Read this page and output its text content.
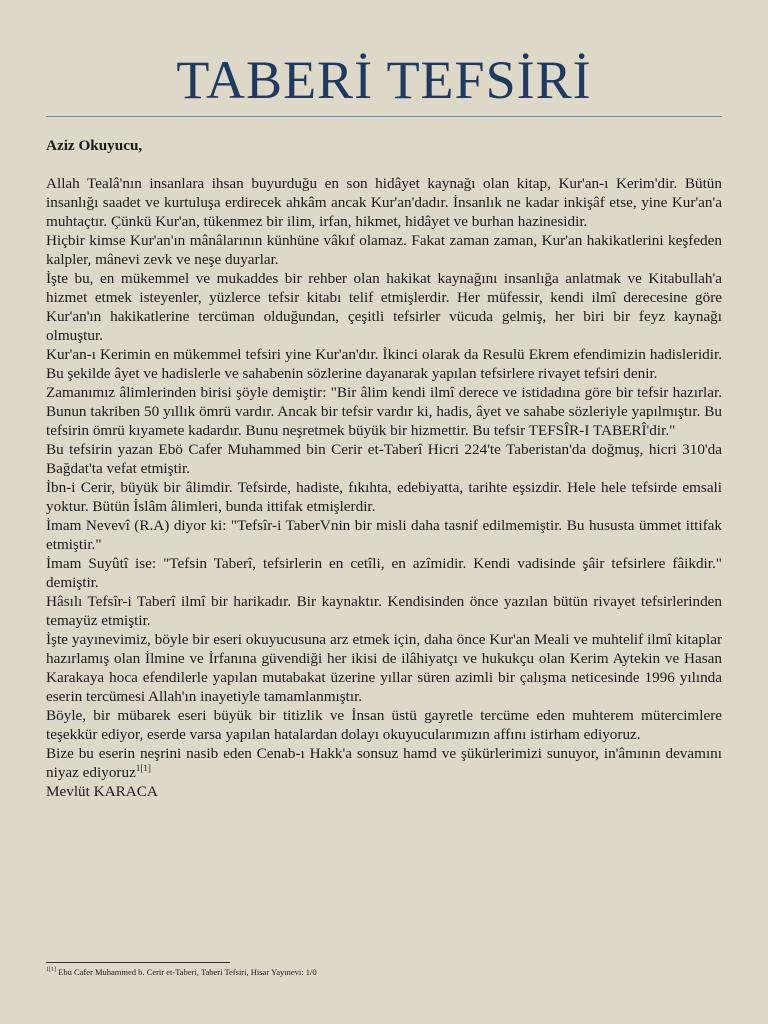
TABERİ TEFSİRİ

Aziz Okuyucu,

Allah Tealâ'nın insanlara ihsan buyurduğu en son hidâyet kaynağı olan kitap, Kur'an-ı Kerim'dir. Bütün insanlığı saadet ve kurtuluşa erdirecek ahkâm ancak Kur'an'dadır. İnsanlık ne kadar inkişâf etse, yine Kur'an'a muhtaçtır. Çünkü Kur'an, tükenmez bir ilim, irfan, hikmet, hidâyet ve burhan hazinesidir.

Hiçbir kimse Kur'an'ın mânâlarının künhüne vâkıf olamaz. Fakat zaman zaman, Kur'an hakikatlerini keşfeden kalpler, mânevi zevk ve neşe duyarlar.

İşte bu, en mükemmel ve mukaddes bir rehber olan hakikat kaynağını insanlığa anlatmak ve Kitabullah'a hizmet etmek isteyenler, yüzlerce tefsir kitabı telif etmişlerdir. Her müfessir, kendi ilmî derecesine göre Kur'an'ın hakikatlerine tercüman olduğundan, çeşitli tefsirler vücuda gelmiş, her biri bir feyz kaynağı olmuştur.

Kur'an-ı Kerimin en mükemmel tefsiri yine Kur'an'dır. İkinci olarak da Resulü Ekrem efendimizin hadisleridir. Bu şekilde âyet ve hadislerle ve sahabenin sözlerine dayanarak yapılan tefsirlere rivayet tefsiri denir.

Zamanımız âlimlerinden birisi şöyle demiştir: "Bir âlim kendi ilmî derece ve istidadına göre bir tefsir hazırlar. Bunun takriben 50 yıllık ömrü vardır. Ancak bir tefsir vardır ki, hadis, âyet ve sahabe sözleriyle yapılmıştır. Bu tefsirin ömrü kıyamete kadardır. Bunu neşretmek büyük bir hizmettir. Bu tefsir TEFSÎR-I TABERÎ'dir."

Bu tefsirin yazan Ebö Cafer Muhammed bin Cerir et-Taberî Hicri 224'te Taberistan'da doğmuş, hicri 310'da Bağdat'ta vefat etmiştir.

İbn-i Cerir, büyük bir âlimdir. Tefsirde, hadiste, fıkıhta, edebiyatta, tarihte eşsizdir. Hele hele tefsirde emsali yoktur. Bütün İslâm âlimleri, bunda ittifak etmişlerdir.

İmam Nevevî (R.A) diyor ki: "Tefsîr-i TaberVnin bir misli daha tasnif edilmemiştir. Bu hususta ümmet ittifak etmiştir."

İmam Suyûtî ise: "Tefsin Taberî, tefsirlerin en cetîli, en azîmidir. Kendi vadisinde şâir tefsirlere fâikdir." demiştir.

Hâsılı Tefsîr-i Taberî ilmî bir harikadır. Bir kaynaktır. Kendisinden önce yazılan bütün rivayet tefsirlerinden temayüz etmiştir.

İşte yayınevimiz, böyle bir eseri okuyucusuna arz etmek için, daha önce Kur'an Meali ve muhtelif ilmî kitaplar hazırlamış olan İlmine ve İrfanına güvendiği her ikisi de ilâhiyatçı ve hukukçu olan Kerim Aytekin ve Hasan Karakaya hoca efendilerle yapılan mutabakat üzerine yıllar süren azimli bir çalışma neticesinde 1996 yılında eserin tercümesi Allah'ın inayetiyle tamamlanmıştır.

Böyle, bir mübarek eseri büyük bir titizlik ve İnsan üstü gayretle tercüme eden muhterem mütercimlere teşekkür ediyor, eserde varsa yapılan hatalardan dolayı okuyucularımızın affını istirham ediyoruz.

Bize bu eserin neşrini nasib eden Cenab-ı Hakk'a sonsuz hamd ve şükürlerimizi sunuyor, in'âmının devamını niyaz ediyoruz$^{1[1]}$

Mevlüt KARACA

$^{1[1]}$ Ebu Cafer Muhammed b. Cerir et-Taberi, Taberi Tefsiri, Hisar Yayınevi: 1/0
